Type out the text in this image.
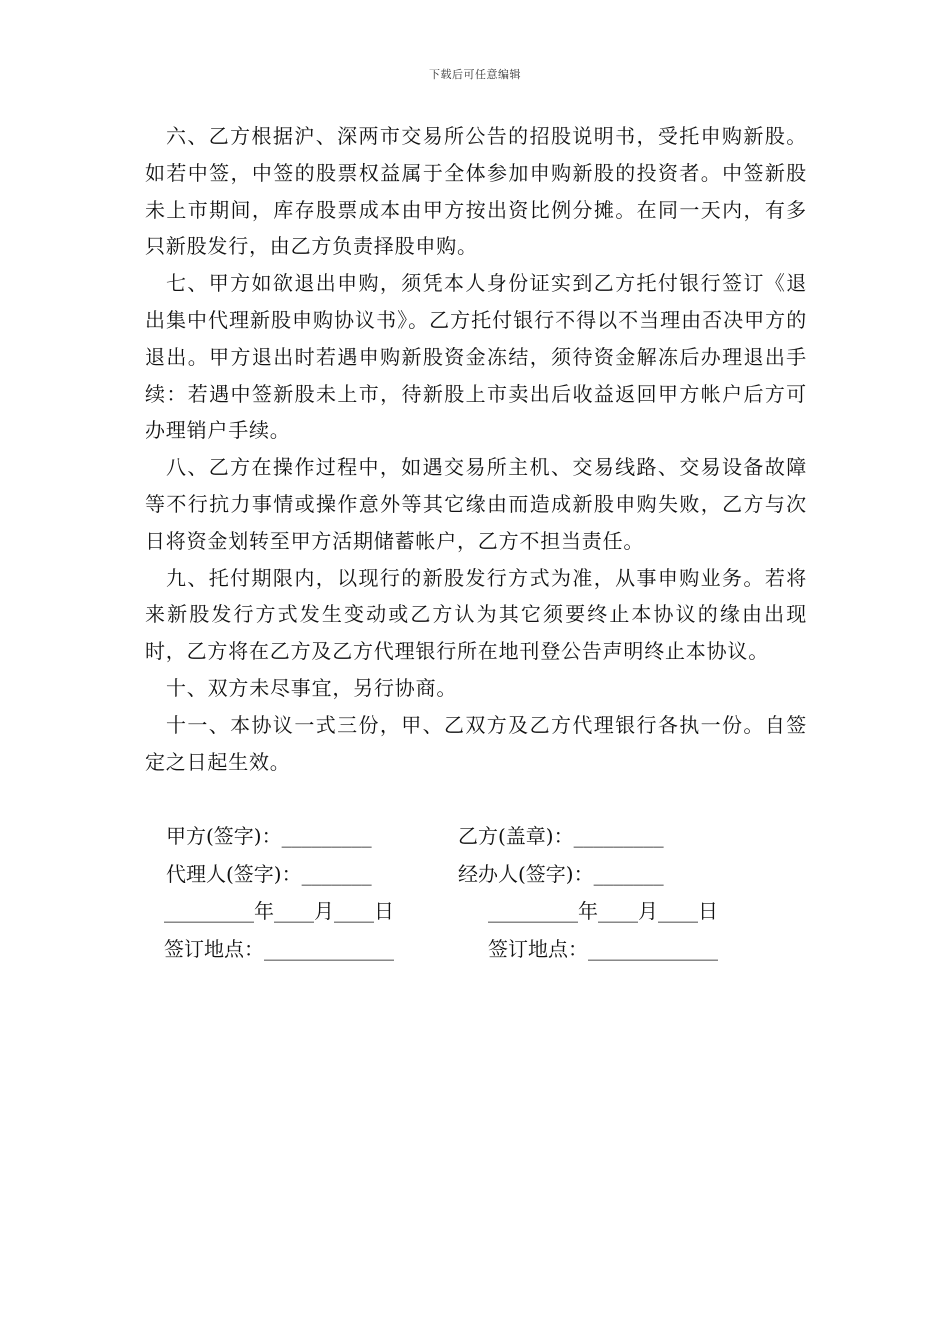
下载后可任意编辑

六、乙方根据沪、深两市交易所公告的招股说明书，受托申购新股。如若中签，中签的股票权益属于全体参加申购新股的投资者。中签新股未上市期间，库存股票成本由甲方按出资比例分摊。在同一天内，有多只新股发行，由乙方负责择股申购。

七、甲方如欲退出申购，须凭本人身份证实到乙方托付银行签订《退出集中代理新股申购协议书》。乙方托付银行不得以不当理由否决甲方的退出。甲方退出时若遇申购新股资金冻结，须待资金解冻后办理退出手续：若遇中签新股未上市，待新股上市卖出后收益返回甲方帐户后方可办理销户手续。

八、乙方在操作过程中，如遇交易所主机、交易线路、交易设备故障等不行抗力事情或操作意外等其它缘由而造成新股申购失败，乙方与次日将资金划转至甲方活期储蓄帐户，乙方不担当责任。

九、托付期限内，以现行的新股发行方式为准，从事申购业务。若将来新股发行方式发生变动或乙方认为其它须要终止本协议的缘由出现时，乙方将在乙方及乙方代理银行所在地刊登公告声明终止本协议。

十、双方未尽事宜，另行协商。

十一、本协议一式三份，甲、乙双方及乙方代理银行各执一份。自签定之日起生效。

甲方(签字)：_________	乙方(盖章)：_________
代理人(签字)：_______	经办人(签字)：_______
_________年____月____日	_________年____月____日
签订地点：_____________	签订地点：_____________
